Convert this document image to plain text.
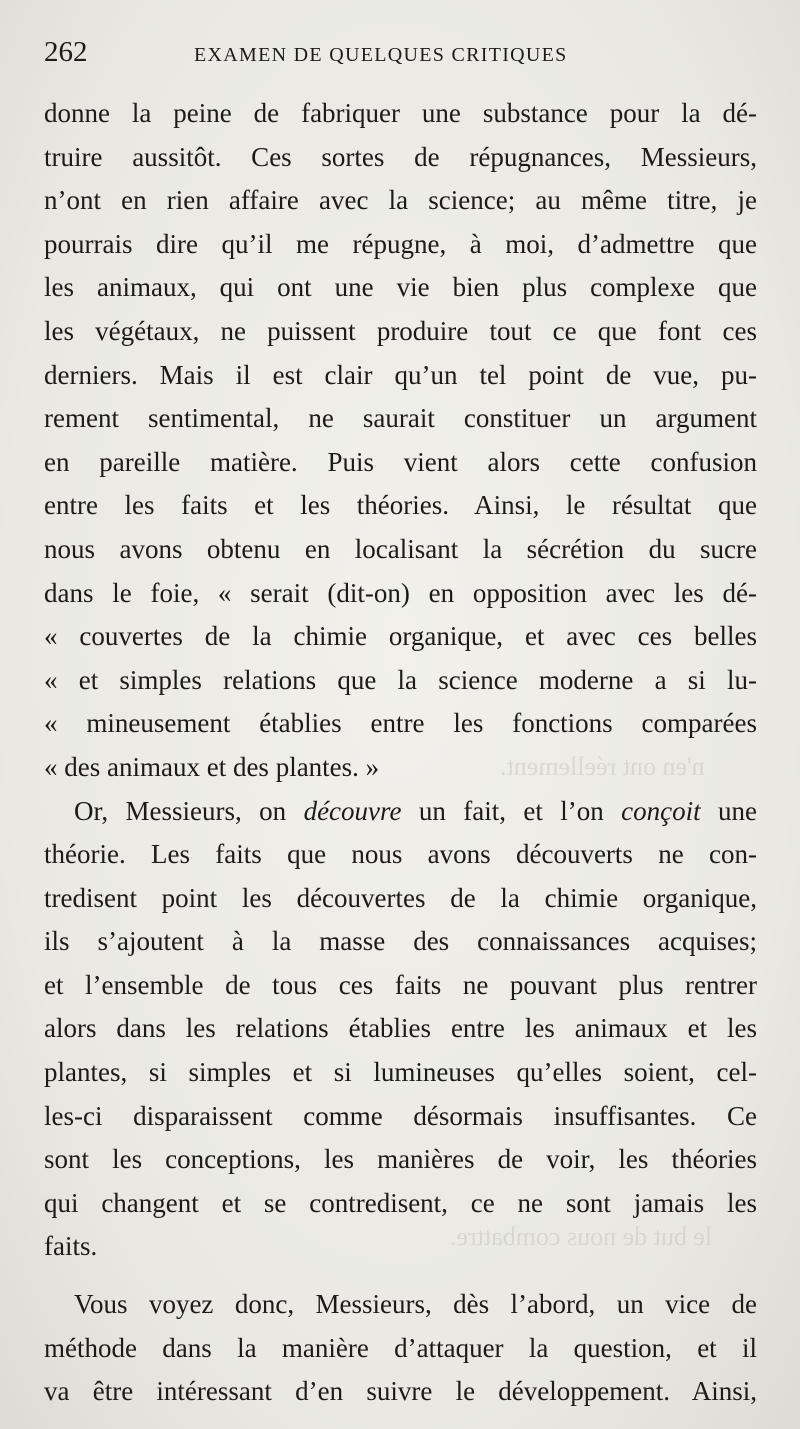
n'en ont réellement.
le but de nous combattre.
262	EXAMEN DE QUELQUES CRITIQUES
donne la peine de fabriquer une substance pour la dé-
truire aussitôt. Ces sortes de répugnances, Messieurs,
n’ont en rien affaire avec la science; au même titre, je
pourrais dire qu’il me répugne, à moi, d’admettre que
les animaux, qui ont une vie bien plus complexe que
les végétaux, ne puissent produire tout ce que font ces
derniers. Mais il est clair qu’un tel point de vue, pu-
rement sentimental, ne saurait constituer un argument
en pareille matière. Puis vient alors cette confusion
entre les faits et les théories. Ainsi, le résultat que
nous avons obtenu en localisant la sécrétion du sucre
dans le foie, « serait (dit-on) en opposition avec les dé-
« couvertes de la chimie organique, et avec ces belles
« et simples relations que la science moderne a si lu-
« mineusement établies entre les fonctions comparées
« des animaux et des plantes. »
Or, Messieurs, on découvre un fait, et l’on conçoit une
théorie. Les faits que nous avons découverts ne con-
tredisent point les découvertes de la chimie organique,
ils s’ajoutent à la masse des connaissances acquises;
et l’ensemble de tous ces faits ne pouvant plus rentrer
alors dans les relations établies entre les animaux et les
plantes, si simples et si lumineuses qu’elles soient, cel-
les-ci disparaissent comme désormais insuffisantes. Ce
sont les conceptions, les manières de voir, les théories
qui changent et se contredisent, ce ne sont jamais les
faits.
Vous voyez donc, Messieurs, dès l’abord, un vice de
méthode dans la manière d’attaquer la question, et il
va être intéressant d’en suivre le développement. Ainsi,
